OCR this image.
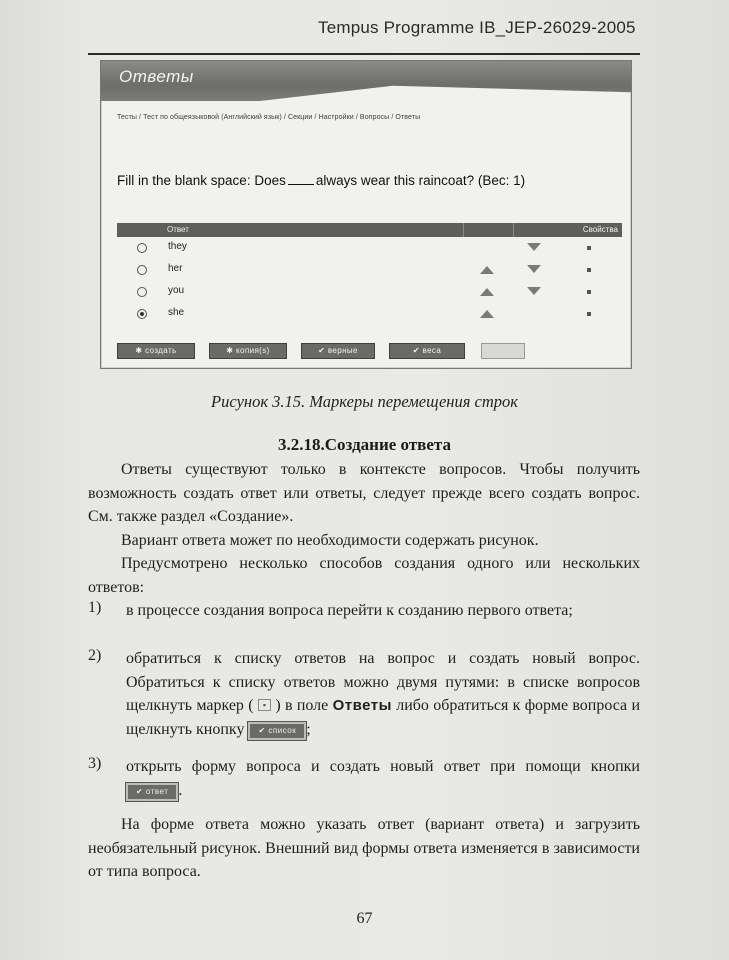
Tempus Programme IB_JEP-26029-2005
Ответы
Тесты / Тест по общеязыковой (Английский язык) / Секции / Настройки / Вопросы / Ответы
Fill in the blank space: Does always wear this raincoat? (Вес: 1)
Ответ	Свойства
they
her
you
she
✱ создать	✱ копия(s)	✔ верные	✔ веса
Рисунок 3.15. Маркеры перемещения строк
3.2.18.Создание ответа
Ответы существуют только в контексте вопросов. Чтобы получить возможность создать ответ или ответы, следует прежде всего создать вопрос. См. также раздел «Создание».
Вариант ответа может по необходимости содержать рисунок.
Предусмотрено несколько способов создания одного или нескольких ответов:
1) в процессе создания вопроса перейти к созданию первого ответа;
2) обратиться к списку ответов на вопрос и создать новый вопрос. Обратиться к списку ответов можно двумя путями: в списке вопросов щелкнуть маркер ( ▪ ) в поле Ответы либо обратиться к форме вопроса и щелкнуть кнопку ✔ список ;
3) открыть форму вопроса и создать новый ответ при помощи кнопки ✔ ответ .
На форме ответа можно указать ответ (вариант ответа) и загрузить необязательный рисунок. Внешний вид формы ответа изменяется в зависимости от типа вопроса.
67
